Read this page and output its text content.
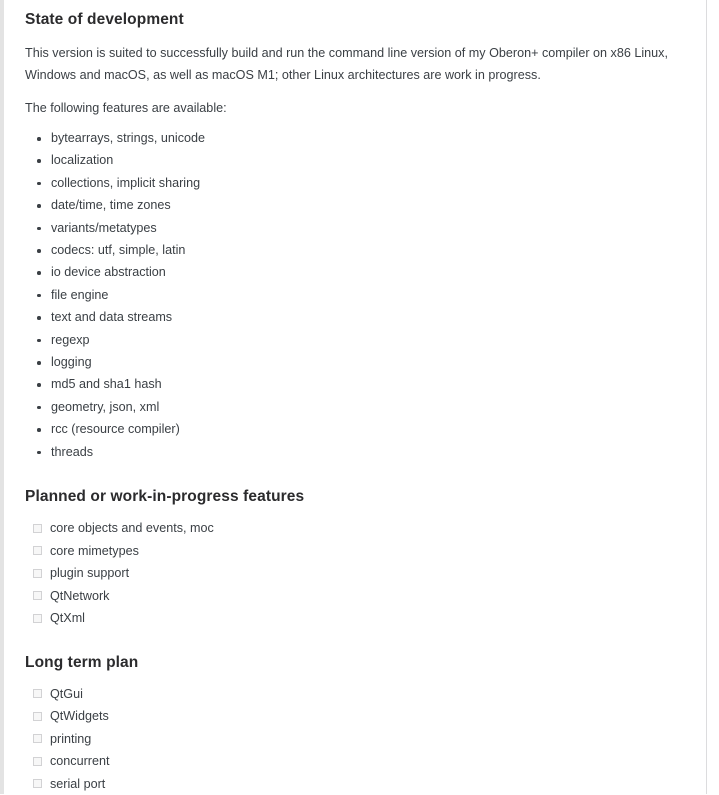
State of development

This version is suited to successfully build and run the command line version of my Oberon+ compiler on x86 Linux, Windows and macOS, as well as macOS M1; other Linux architectures are work in progress.

The following features are available:

bytearrays, strings, unicode
localization
collections, implicit sharing
date/time, time zones
variants/metatypes
codecs: utf, simple, latin
io device abstraction
file engine
text and data streams
regexp
logging
md5 and sha1 hash
geometry, json, xml
rcc (resource compiler)
threads
Planned or work-in-progress features
core objects and events, moc
core mimetypes
plugin support
QtNetwork
QtXml
Long term plan
QtGui
QtWidgets
printing
concurrent
serial port
